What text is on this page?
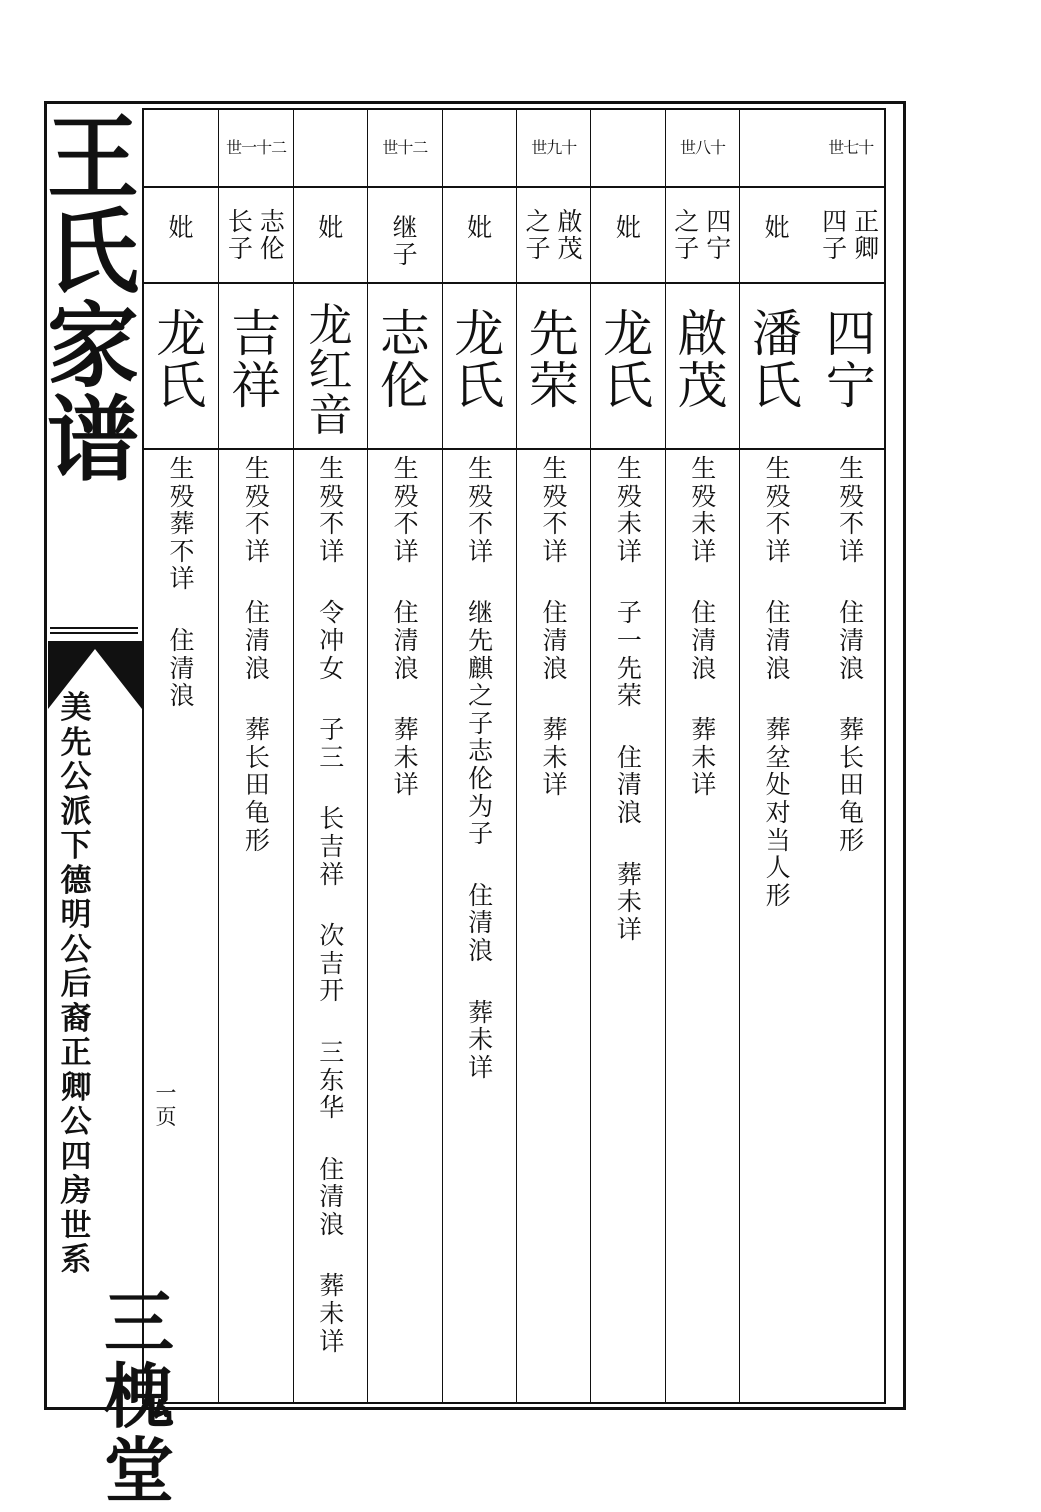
王
氏
家
谱
美
先
公
派
下
德
明
公
后
裔
正
卿
公
四
房
世
系
一
页
三
槐
堂
世七十
正
卿
四
子
四
宁
生
殁
不
详
住
清
浪
葬
长
田
龟
形
妣
潘
氏
生
殁
不
详
住
清
浪
葬
坌
处
对
当
人
形
世八十
四
宁
之
子
啟
茂
生
殁
未
详
住
清
浪
葬
未
详
妣
龙
氏
生
殁
未
详
子
一
先
荣
住
清
浪
葬
未
详
世九十
啟
茂
之
子
先
荣
生
殁
不
详
住
清
浪
葬
未
详
妣
龙
氏
生
殁
不
详
继
先
麒
之
子
志
伦
为
子
住
清
浪
葬
未
详
世十二
继
子
志
伦
生
殁
不
详
住
清
浪
葬
未
详
妣
龙
红
音
生
殁
不
详
令
冲
女
子
三
长
吉
祥
次
吉
开
三
东
华
住
清
浪
葬
未
详
世一十二
志
伦
长
子
吉
祥
生
殁
不
详
住
清
浪
葬
长
田
龟
形
妣
龙
氏
生
殁
葬
不
详
住
清
浪
